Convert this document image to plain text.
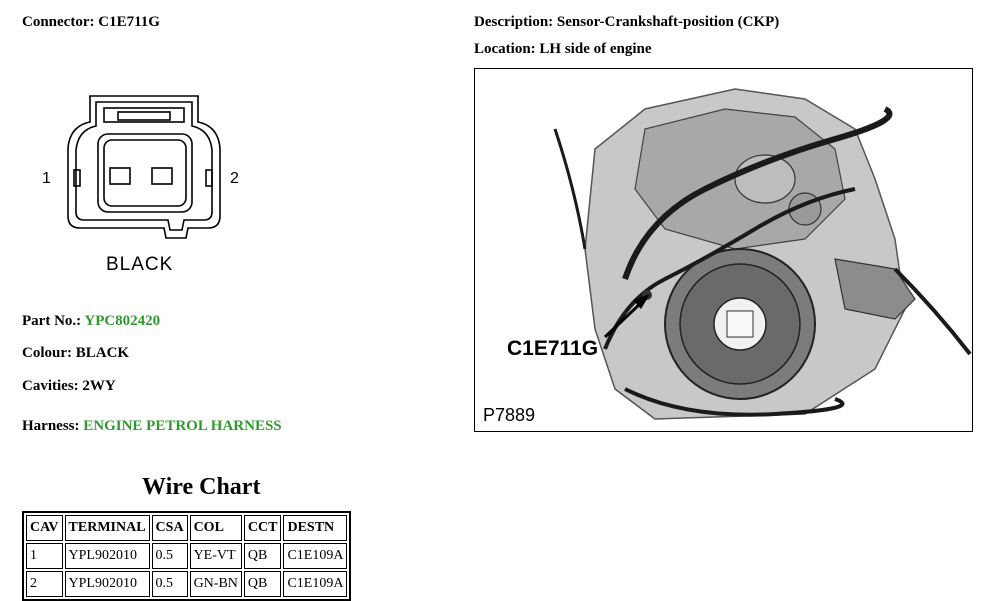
Connector: C1E711G	Description: Sensor-Crankshaft-position (CKP)
Location: LH side of engine
1	2
BLACK
Part No.: YPC802420
Colour: BLACK
Cavities: 2WY
Harness: ENGINE PETROL HARNESS
Wire Chart
CAV	TERMINAL	CSA	COL	CCT	DESTN
1	YPL902010	0.5	YE-VT	QB	C1E109A
2	YPL902010	0.5	GN-BN	QB	C1E109A
C1E711G
P7889
